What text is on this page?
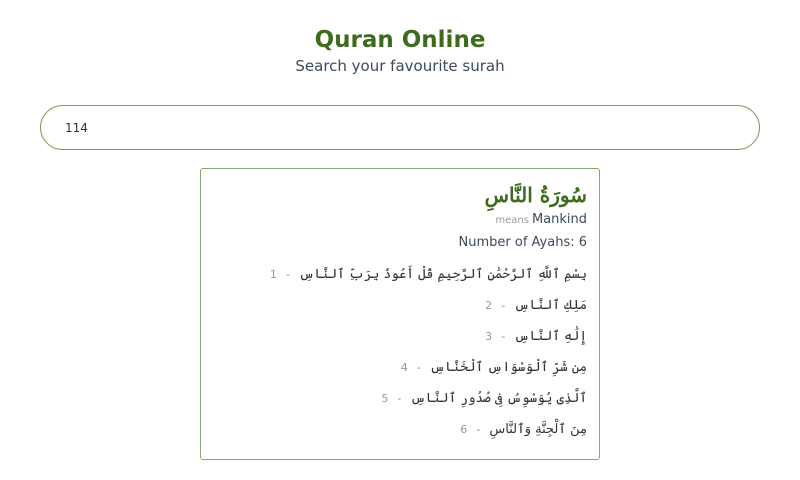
Quran Online
Search your favourite surah
114
سُورَةُ النَّاسِ
means Mankind
Number of Ayahs: 6
بِسْمِ ٱللَّهِ ٱلرَّحْمَٰنِ ٱلرَّحِيمِ قُلْ أَعُوذُ بِرَبِّ ٱلنَّاسِ - 1
مَلِكِ ٱلنَّاسِ - 2
إِلَٰهِ ٱلنَّاسِ - 3
مِن شَرِّ ٱلْوَسْوَاسِ ٱلْخَنَّاسِ - 4
ٱلَّذِى يُوَسْوِسُ فِى صُدُورِ ٱلنَّاسِ - 5
مِنَ ٱلْجِنَّةِ وَٱلنَّاسِ - 6
